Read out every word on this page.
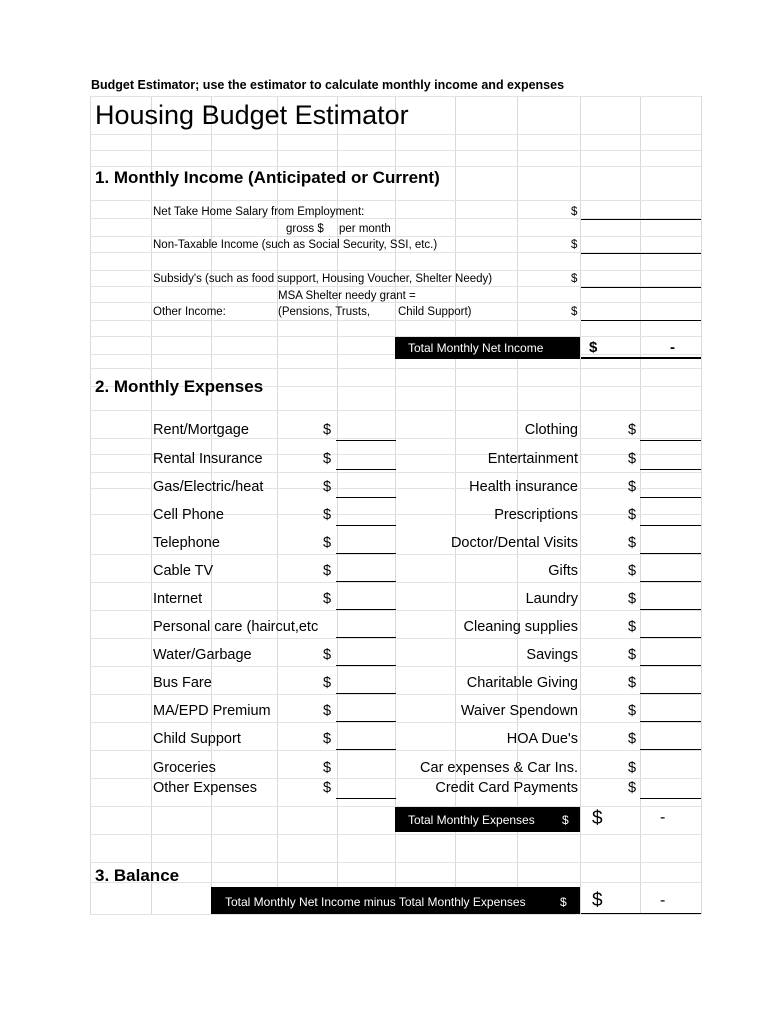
Budget Estimator; use the estimator to calculate monthly income and expenses
Housing Budget Estimator
1. Monthly Income (Anticipated or Current)
Net Take Home Salary from Employment:	$
gross $ per month
Non-Taxable Income (such as Social Security, SSI, etc.)	$
Subsidy's (such as food support, Housing Voucher, Shelter Needy)	$
MSA Shelter needy grant =
Other Income:	(Pensions, Trusts, Child Support)	$
Total Monthly Net Income	$	-
2. Monthly Expenses
Rent/Mortgage	$	Clothing	$
Rental Insurance	$	Entertainment	$
Gas/Electric/heat	$	Health insurance	$
Cell Phone	$	Prescriptions	$
Telephone	$	Doctor/Dental Visits	$
Cable TV	$	Gifts	$
Internet	$	Laundry	$
Personal care (haircut,etc	Cleaning supplies	$
Water/Garbage	$	Savings	$
Bus Fare	$	Charitable Giving	$
MA/EPD Premium	$	Waiver Spendown	$
Child Support	$	HOA Due's	$
Groceries	$	Car expenses & Car Ins.	$
Other Expenses	$	Credit Card Payments	$
Total Monthly Expenses $ $	-
3. Balance
Total Monthly Net Income minus Total Monthly Expenses	$ $	-
